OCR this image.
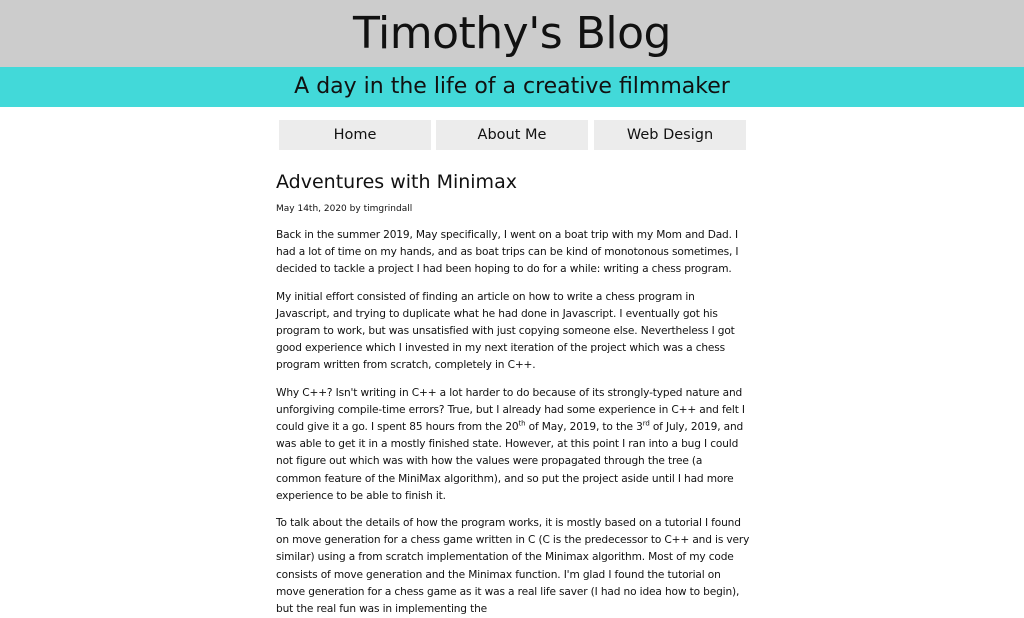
Timothy's Blog
A day in the life of a creative filmmaker
Home	About Me	Web Design
Adventures with Minimax
May 14th, 2020 by timgrindall

Back in the summer 2019, May specifically, I went on a boat trip with my Mom and Dad. I had a lot of time on my hands, and as boat trips can be kind of monotonous sometimes, I decided to tackle a project I had been hoping to do for a while: writing a chess program.

My initial effort consisted of finding an article on how to write a chess program in Javascript, and trying to duplicate what he had done in Javascript. I eventually got his program to work, but was unsatisfied with just copying someone else. Nevertheless I got good experience which I invested in my next iteration of the project which was a chess program written from scratch, completely in C++.

Why C++? Isn't writing in C++ a lot harder to do because of its strongly-typed nature and unforgiving compile-time errors? True, but I already had some experience in C++ and felt I could give it a go. I spent 85 hours from the 20th of May, 2019, to the 3rd of July, 2019, and was able to get it in a mostly finished state. However, at this point I ran into a bug I could not figure out which was with how the values were propagated through the tree (a common feature of the MiniMax algorithm), and so put the project aside until I had more experience to be able to finish it.

To talk about the details of how the program works, it is mostly based on a tutorial I found on move generation for a chess game written in C (C is the predecessor to C++ and is very similar) using a from scratch implementation of the Minimax algorithm. Most of my code consists of move generation and the Minimax function. I'm glad I found the tutorial on move generation for a chess game as it was a real life saver (I had no idea how to begin), but the real fun was in implementing the
